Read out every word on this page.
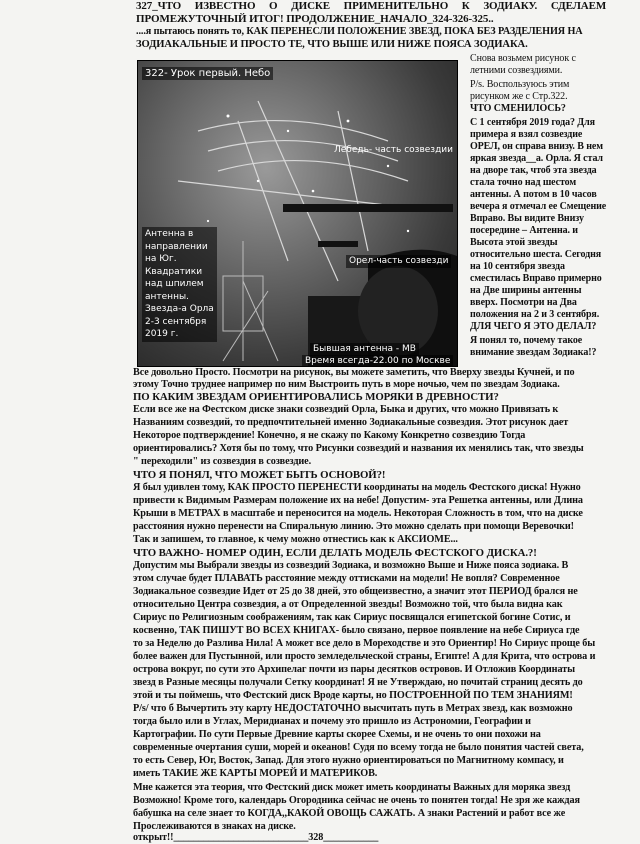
327_ЧТО ИЗВЕСТНО О ДИСКЕ ПРИМЕНИТЕЛЬНО К ЗОДИАКУ. СДЕЛАЕМ
ПРОМЕЖУТОЧНЫЙ ИТОГ! ПРОДОЛЖЕНИЕ_НАЧАЛО_324-326-325..
....я пытаюсь понять то, КАК ПЕРЕНЕСЛИ ПОЛОЖЕНИЕ ЗВЕЗД, ПОКА БЕЗ РАЗДЕЛЕНИЯ НА
ЗОДИАКАЛЬНЫЕ И ПРОСТО ТЕ, ЧТО ВЫШЕ ИЛИ НИЖЕ ПОЯСА ЗОДИАКА.
322- Урок первый. Небо
Лебедь- часть созвездии
Антенна в
направлении
на Юг.
Квадратики
над шпилем
антенны.
Звезда-а Орла
2-3 сентября
2019 г.
Орел-часть созвезди
Бывшая антенна - МВ
Время всегда-22.00 по Москве
Снова возьмем рисунок с
летними созвездиями.
P/s. Воспользуюсь этим
рисунком же с Стр.322.
ЧТО СМЕНИЛОСЬ?
С 1 сентября 2019 года? Для
примера я взял созвездие
ОРЕЛ, он справа внизу. В нем
яркая звезда__а. Орла. Я стал
на дворе так, чтоб эта звезда
стала точно над шестом
антенны. А потом в 10 часов
вечера я отмечал ее Смещение
Вправо. Вы видите Внизу
посередине – Антенна. и
Высота этой звезды
относительно шеста. Сегодня
на 10 сентября звезда
сместилась Вправо примерно
на Две ширины антенны
вверх. Посмотри на Два
положения на 2 и 3 сентября.
ДЛЯ ЧЕГО Я ЭТО ДЕЛАЛ?
Я понял то, почему такое
внимание звездам Зодиака!?
Все довольно Просто. Посмотри на рисунок, вы можете заметить, что Вверху звезды Кучней, и по
этому Точно труднее например по ним Выстроить путь в море ночью, чем по звездам Зодиака.
ПО КАКИМ ЗВЕЗДАМ ОРИЕНТИРОВАЛИСЬ МОРЯКИ В ДРЕВНОСТИ?
Если все же на Фестском диске знаки созвездий Орла, Быка и других, что можно Привязать к
Названиям созвездий, то предпочтительней именно Зодиакальные созвездия. Этот рисунок дает
Некоторое подтверждение! Конечно, я не скажу по Какому Конкретно созвездию Тогда
ориентировались? Хотя бы по тому, что Рисунки созвездий и названия их менялись так, что звезды
" переходили" из созвездия в созвездие.
ЧТО Я ПОНЯЛ, ЧТО МОЖЕТ БЫТЬ ОСНОВОЙ?!
Я был удивлен тому, КАК ПРОСТО ПЕРЕНЕСТИ координаты на модель Фестского диска! Нужно
привести к Видимым Размерам положение их на небе! Допустим- эта Решетка антенны, или Длина
Крыши в МЕТРАХ в масштабе и переносится на модель. Некоторая Сложность в том, что на диске
расстояния нужно перенести на Спиральную линию. Это можно сделать при помощи Веревочки!
Так и запишем, то главное, к чему можно отнестись как к АКСИОМЕ...
ЧТО ВАЖНО- НОМЕР ОДИН, ЕСЛИ ДЕЛАТЬ МОДЕЛЬ ФЕСТСКОГО ДИСКА.?!
Допустим мы Выбрали звезды из созвездий Зодиака, и возможно Выше и Ниже пояса зодиака. В
этом случае будет ПЛАВАТЬ расстояние между оттисками на модели! Не вопля? Современное
Зодиакальное созвездие Идет от 25 до 38 дней, это общеизвестно, а значит этот ПЕРИОД брался не
относительно Центра созвездия, а от Определенной звезды! Возможно той, что была видна как
Сириус по Религиозным соображениям, так как Сириус посвящался египетской богине Сотис, и
косвенно, ТАК ПИШУТ ВО ВСЕХ КНИГАХ- было связано, первое появление на небе Сириуса где
то за Неделю до Разлива Нила! А может все дело в Мореходстве и это Ориентир! Но Сириус проще бы
более важен для Пустынной, или просто земледельческой страны, Египте! А для Крита, что острова и
острова вокруг, по сути это Архипелаг почти из пары десятков островов. И Отложив Координаты
звезд в Разные месяцы получали Сетку координат! Я не Утверждаю, но почитай страниц десять до
этой и ты поймешь, что Фестский диск Вроде карты, но ПОСТРОЕННОЙ ПО ТЕМ ЗНАНИЯМ!
P/s/ что б Вычертить эту карту НЕДОСТАТОЧНО высчитать путь в Метрах звезд, как возможно
тогда было или в Углах, Меридианах и почему это пришло из Астрономии, Географии и
Картографии. По сути Первые Древние карты скорее Схемы, и не очень то они похожи на
современные очертания суши, морей и океанов! Судя по всему тогда не было понятия частей света,
то есть Север, Юг, Восток, Запад. Для этого нужно ориентироваться по Магнитному компасу, и
иметь ТАКИЕ ЖЕ КАРТЫ МОРЕЙ И МАТЕРИКОВ.
Мне кажется эта теория, что Фестский диск может иметь координаты Важных для моряка звезд
Возможно! Кроме того, календарь Огородника сейчас не очень то понятен тогда! Не зря же каждая
бабушка на селе знает то КОГДА,,КАКОЙ ОВОЩЬ САЖАТЬ. А знаки Растений и работ все же
Прослеживаются в знаках на диске.
открыт!!___________________________328___________
